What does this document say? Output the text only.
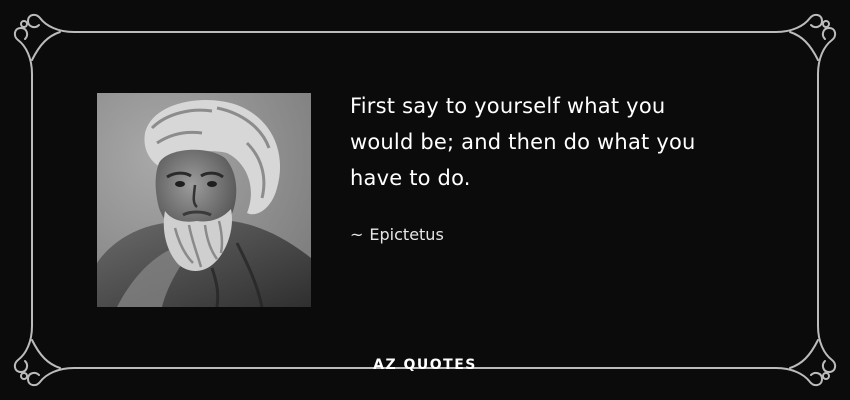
First say to yourself what you
would be; and then do what you
have to do.

~ Epictetus
AZ QUOTES
